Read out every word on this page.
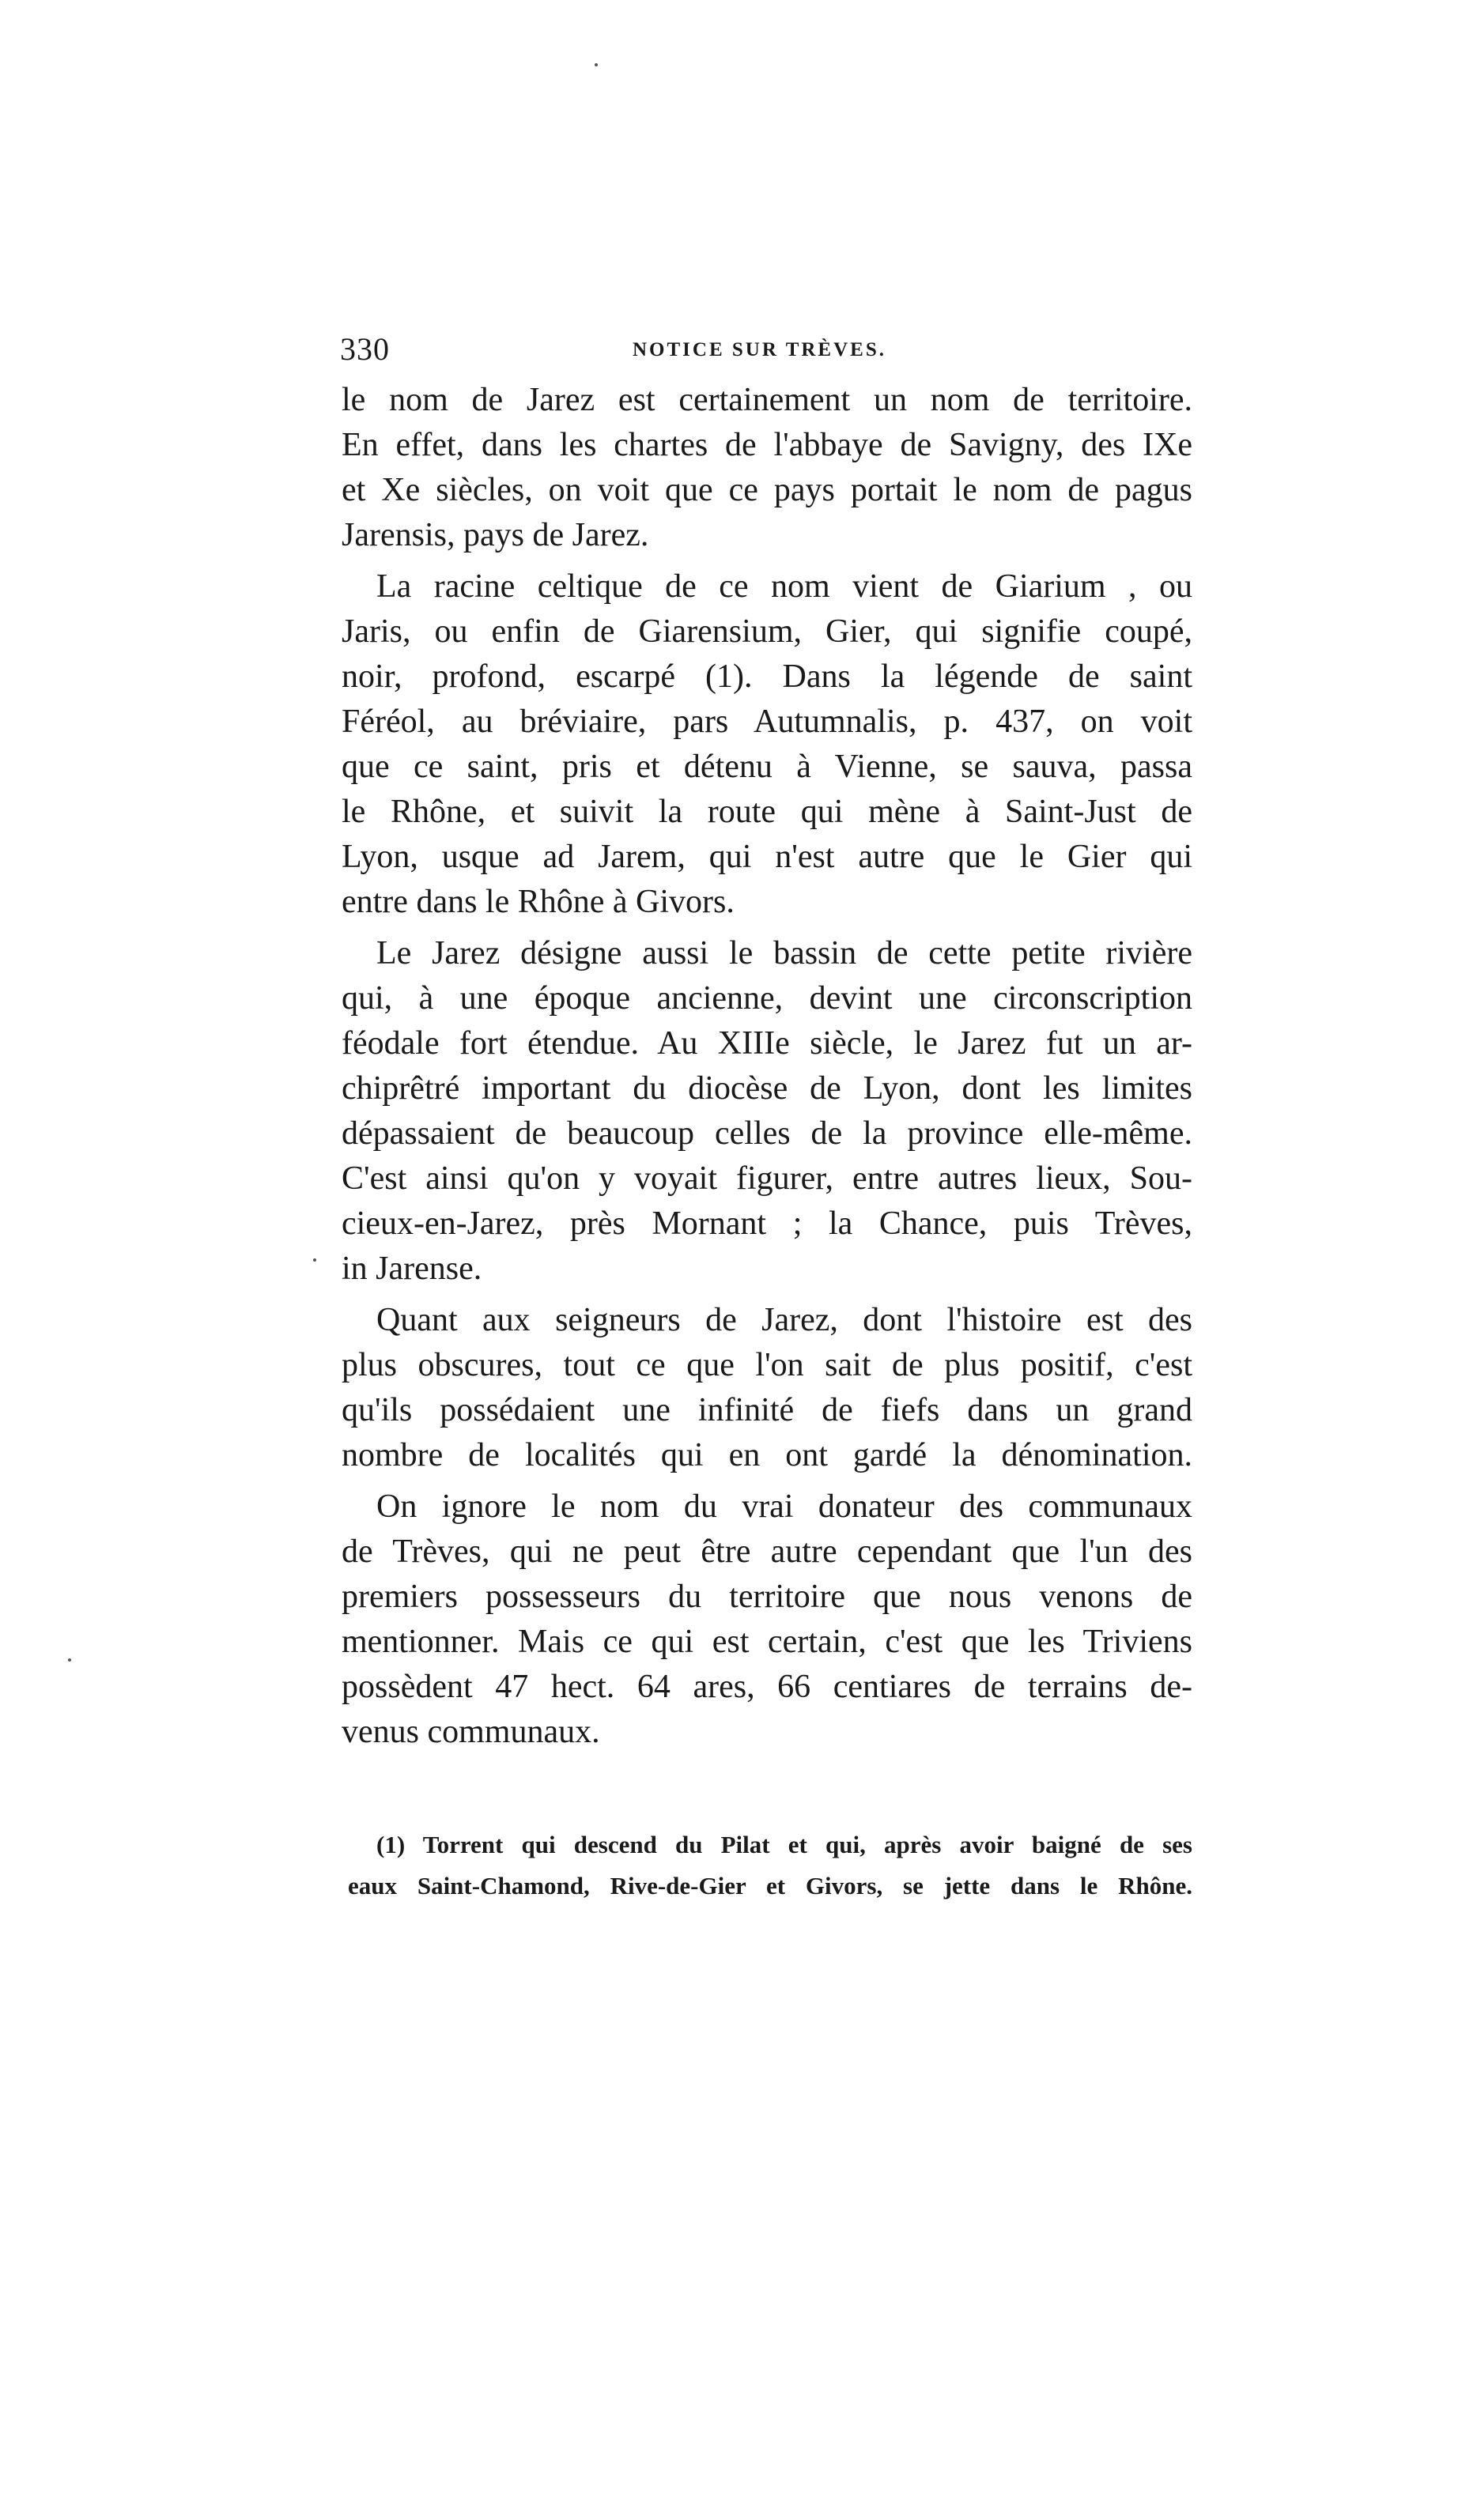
330	NOTICE SUR TRÈVES.
le nom de Jarez est certainement un nom de territoire.
En effet, dans les chartes de l'abbaye de Savigny, des IXe
et Xe siècles, on voit que ce pays portait le nom de pagus
Jarensis, pays de Jarez.
La racine celtique de ce nom vient de Giarium , ou
Jaris, ou enfin de Giarensium, Gier, qui signifie coupé,
noir, profond, escarpé (1). Dans la légende de saint
Féréol, au bréviaire, pars Autumnalis, p. 437, on voit
que ce saint, pris et détenu à Vienne, se sauva, passa
le Rhône, et suivit la route qui mène à Saint-Just de
Lyon, usque ad Jarem, qui n'est autre que le Gier qui
entre dans le Rhône à Givors.
Le Jarez désigne aussi le bassin de cette petite rivière
qui, à une époque ancienne, devint une circonscription
féodale fort étendue. Au XIIIe siècle, le Jarez fut un ar-
chiprêtré important du diocèse de Lyon, dont les limites
dépassaient de beaucoup celles de la province elle-même.
C'est ainsi qu'on y voyait figurer, entre autres lieux, Sou-
cieux-en-Jarez, près Mornant ; la Chance, puis Trèves,
in Jarense.
Quant aux seigneurs de Jarez, dont l'histoire est des
plus obscures, tout ce que l'on sait de plus positif, c'est
qu'ils possédaient une infinité de fiefs dans un grand
nombre de localités qui en ont gardé la dénomination.
On ignore le nom du vrai donateur des communaux
de Trèves, qui ne peut être autre cependant que l'un des
premiers possesseurs du territoire que nous venons de
mentionner. Mais ce qui est certain, c'est que les Triviens
possèdent 47 hect. 64 ares, 66 centiares de terrains de-
venus communaux.
(1) Torrent qui descend du Pilat et qui, après avoir baigné de ses
eaux Saint-Chamond, Rive-de-Gier et Givors, se jette dans le Rhône.
